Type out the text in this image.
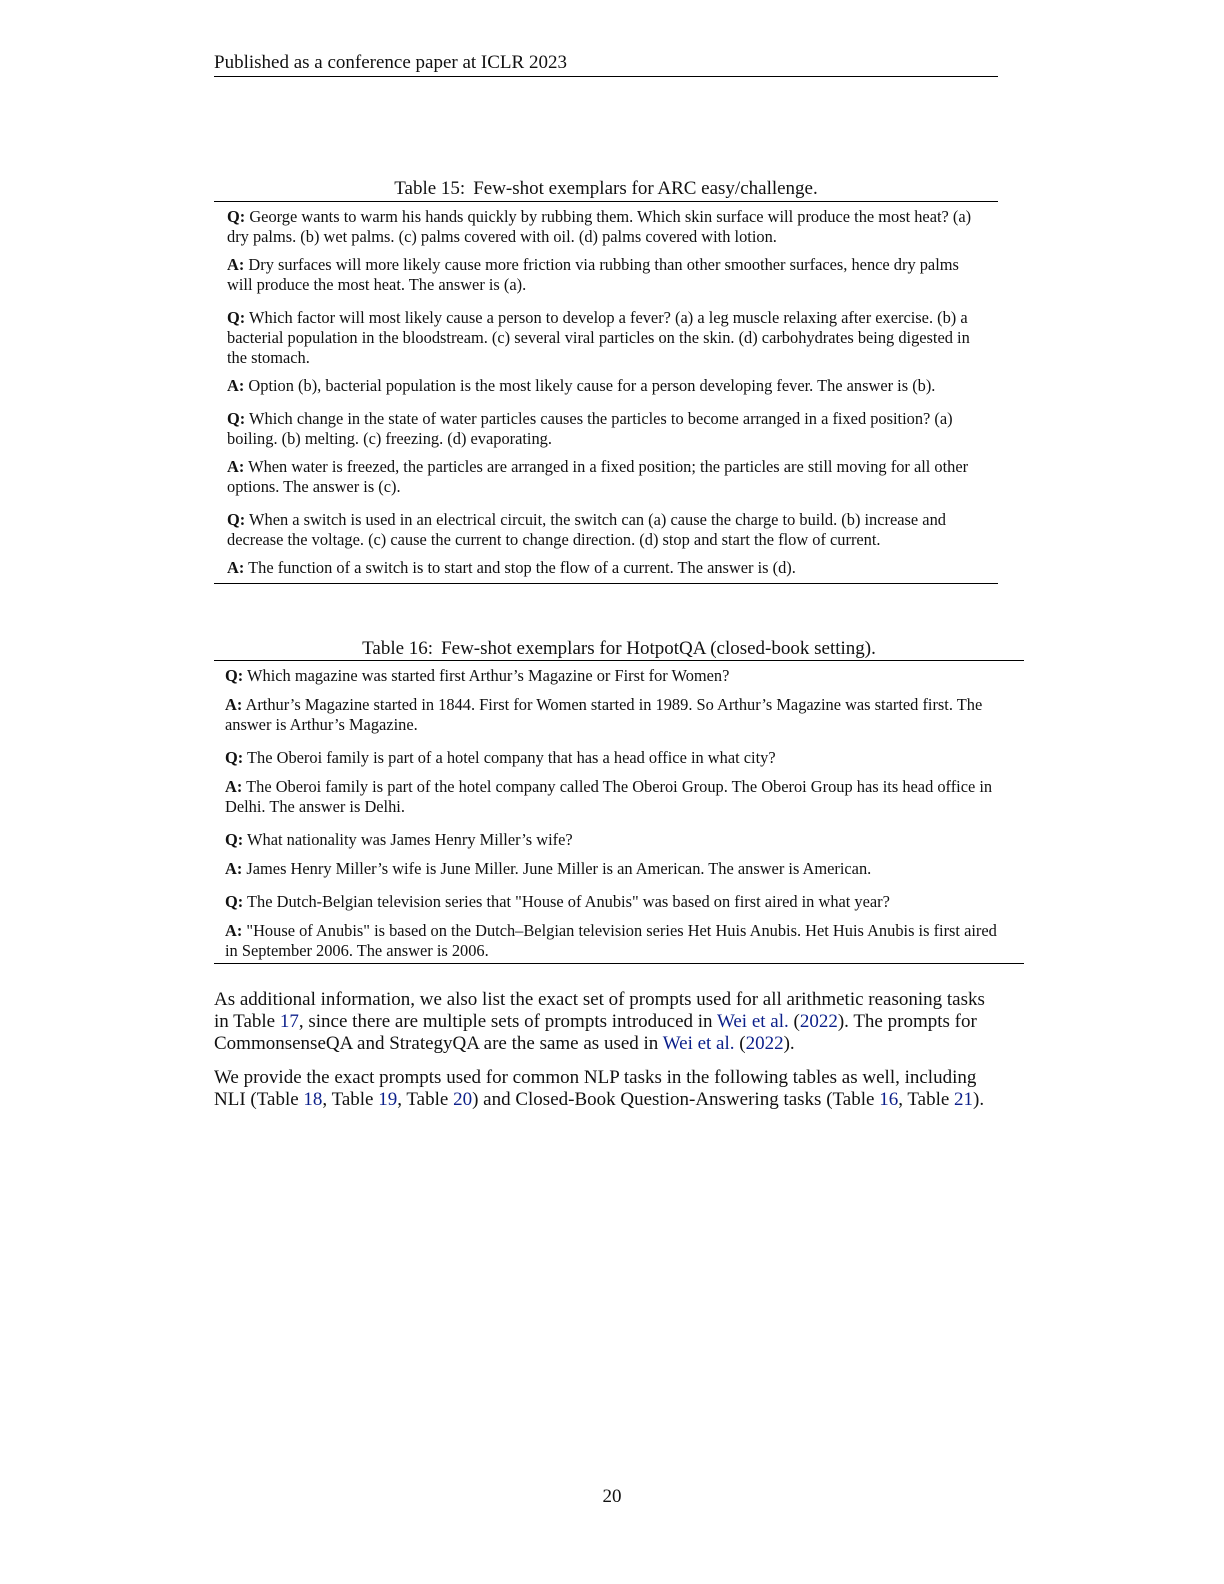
Published as a conference paper at ICLR 2023
Table 15: Few-shot exemplars for ARC easy/challenge.
Q: George wants to warm his hands quickly by rubbing them. Which skin surface will produce the most heat? (a) dry palms. (b) wet palms. (c) palms covered with oil. (d) palms covered with lotion.
A: Dry surfaces will more likely cause more friction via rubbing than other smoother surfaces, hence dry palms will produce the most heat. The answer is (a).
Q: Which factor will most likely cause a person to develop a fever? (a) a leg muscle relaxing after exercise. (b) a bacterial population in the bloodstream. (c) several viral particles on the skin. (d) carbohydrates being digested in the stomach.
A: Option (b), bacterial population is the most likely cause for a person developing fever. The answer is (b).
Q: Which change in the state of water particles causes the particles to become arranged in a fixed position? (a) boiling. (b) melting. (c) freezing. (d) evaporating.
A: When water is freezed, the particles are arranged in a fixed position; the particles are still moving for all other options. The answer is (c).
Q: When a switch is used in an electrical circuit, the switch can (a) cause the charge to build. (b) increase and decrease the voltage. (c) cause the current to change direction. (d) stop and start the flow of current.
A: The function of a switch is to start and stop the flow of a current. The answer is (d).
Table 16: Few-shot exemplars for HotpotQA (closed-book setting).
Q: Which magazine was started first Arthur’s Magazine or First for Women?
A: Arthur’s Magazine started in 1844. First for Women started in 1989. So Arthur’s Magazine was started first. The answer is Arthur’s Magazine.
Q: The Oberoi family is part of a hotel company that has a head office in what city?
A: The Oberoi family is part of the hotel company called The Oberoi Group. The Oberoi Group has its head office in Delhi. The answer is Delhi.
Q: What nationality was James Henry Miller’s wife?
A: James Henry Miller’s wife is June Miller. June Miller is an American. The answer is American.
Q: The Dutch-Belgian television series that "House of Anubis" was based on first aired in what year?
A: "House of Anubis" is based on the Dutch–Belgian television series Het Huis Anubis. Het Huis Anubis is first aired in September 2006. The answer is 2006.

As additional information, we also list the exact set of prompts used for all arithmetic reasoning tasks in Table 17, since there are multiple sets of prompts introduced in Wei et al. (2022). The prompts for CommonsenseQA and StrategyQA are the same as used in Wei et al. (2022).

We provide the exact prompts used for common NLP tasks in the following tables as well, including NLI (Table 18, Table 19, Table 20) and Closed-Book Question-Answering tasks (Table 16, Table 21).

20
